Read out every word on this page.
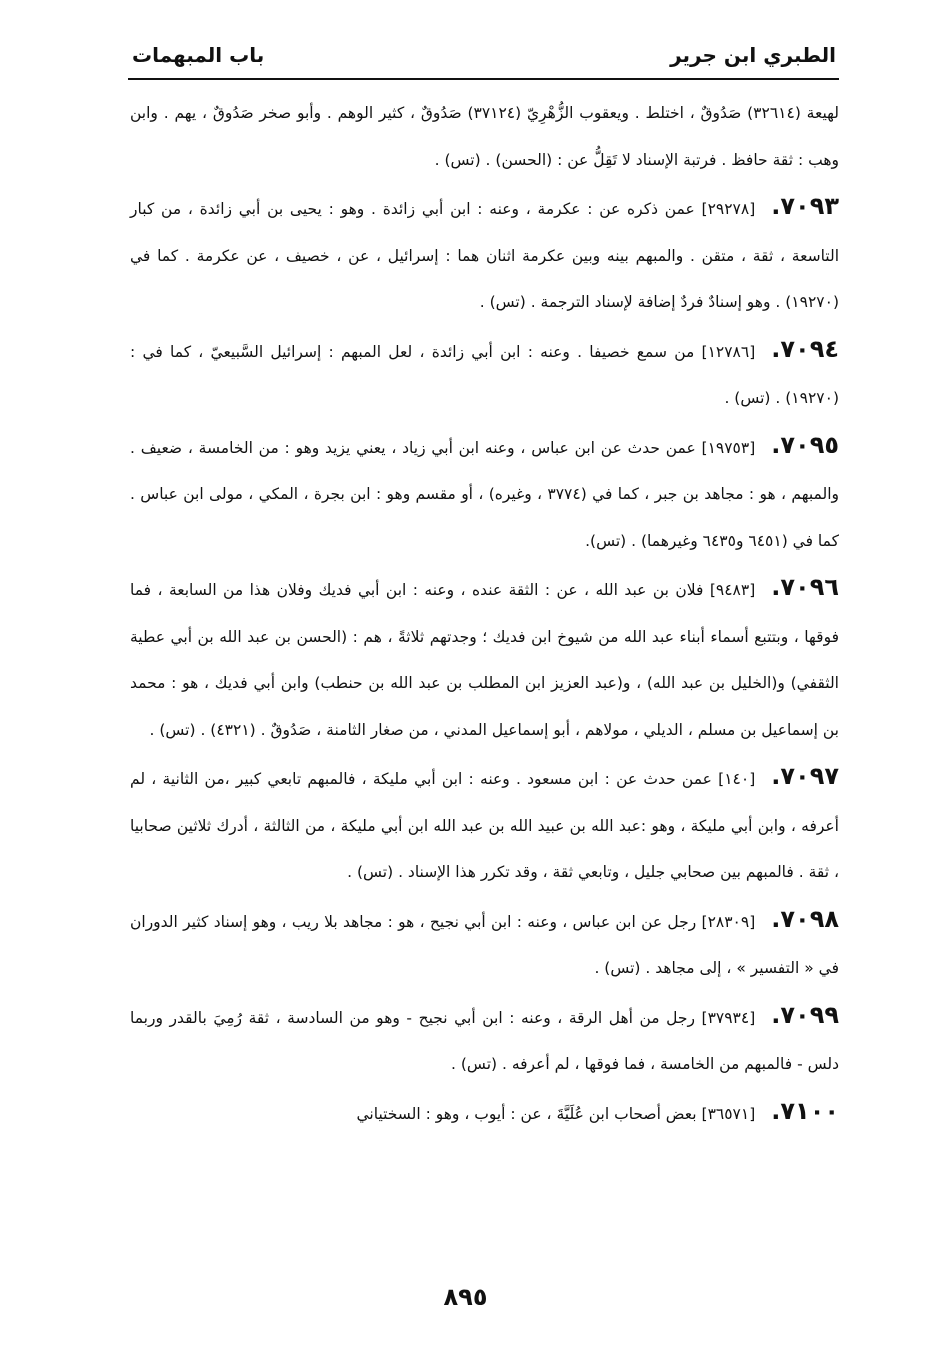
الطبري ابن جرير
باب المبهمات

لهيعة (٣٢٦١٤) صَدُوقٌ ، اختلط . ويعقوب الزُّهْرِيّ (٣٧١٢٤) صَدُوقٌ ، كثير الوهم . وأبو صخر صَدُوقٌ ، يهم . وابن وهب : ثقة حافظ . فرتبة الإسناد لا تَقِلُّ عن : (الحسن) . (تس) .

٧٠٩٣.[٢٩٢٧٨] عمن ذكره عن : عكرمة ، وعنه : ابن أبي زائدة . وهو : يحيى بن أبي زائدة ، من كبار التاسعة ، ثقة ، متقن . والمبهم بينه وبين عكرمة اثنان هما : إسرائيل ، عن ، خصيف ، عن عكرمة . كما في (١٩٢٧٠) . وهو إسنادٌ فردٌ إضافة لإسناد الترجمة . (تس) .

٧٠٩٤.[١٢٧٨٦] من سمع خصيفا . وعنه : ابن أبي زائدة ، لعل المبهم : إسرائيل السَّبيعيّ ، كما في : (١٩٢٧٠) . (تس) .

٧٠٩٥.[١٩٧٥٣] عمن حدث عن ابن عباس ، وعنه ابن أبي زياد ، يعني يزيد وهو : من الخامسة ، ضعيف . والمبهم ، هو : مجاهد بن جبر ، كما في (٣٧٧٤ ، وغيره) ، أو مقسم وهو : ابن بجرة ، المكي ، مولى ابن عباس . كما في (٦٤٥١ و٦٤٣٥ وغيرهما) . (تس).

٧٠٩٦.[٩٤٨٣] فلان بن عبد الله ، عن : الثقة عنده ، وعنه : ابن أبي فديك وفلان هذا من السابعة ، فما فوقها ، وبتتبع أسماء أبناء عبد الله من شيوخ ابن فديك ؛ وجدتهم ثلاثةً ، هم : (الحسن بن عبد الله بن أبي عطية الثقفي) و(الخليل بن عبد الله) ، و(عبد العزيز ابن المطلب بن عبد الله بن حنطب) وابن أبي فديك ، هو : محمد بن إسماعيل بن مسلم ، الديلي ، مولاهم ، أبو إسماعيل المدني ، من صغار الثامنة ، صَدُوقٌ . (٤٣٢١) . (تس) .

٧٠٩٧.[١٤٠] عمن حدث عن : ابن مسعود . وعنه : ابن أبي مليكة ، فالمبهم تابعي كبير ،من الثانية ، لم أعرفه ، وابن أبي مليكة ، وهو :عبد الله بن عبيد الله بن عبد الله ابن أبي مليكة ، من الثالثة ، أدرك ثلاثين صحابيا ، ثقة . فالمبهم بين صحابي جليل ، وتابعي ثقة ، وقد تكرر هذا الإسناد . (تس) .

٧٠٩٨.[٢٨٣٠٩] رجل عن ابن عباس ، وعنه : ابن أبي نجيح ، هو : مجاهد بلا ريب ، وهو إسناد كثير الدوران في « التفسير » ، إلى مجاهد . (تس) .

٧٠٩٩.[٣٧٩٣٤] رجل من أهل الرقة ، وعنه : ابن أبي نجيح - وهو من السادسة ، ثقة رُمِيَ بالقدر وربما دلس - فالمبهم من الخامسة ، فما فوقها ، لم أعرفه . (تس) .

٧١٠٠.[٣٦٥٧١] بعض أصحاب ابن عُلَيَّةَ ، عن : أيوب ، وهو : السختياني

٨٩٥
